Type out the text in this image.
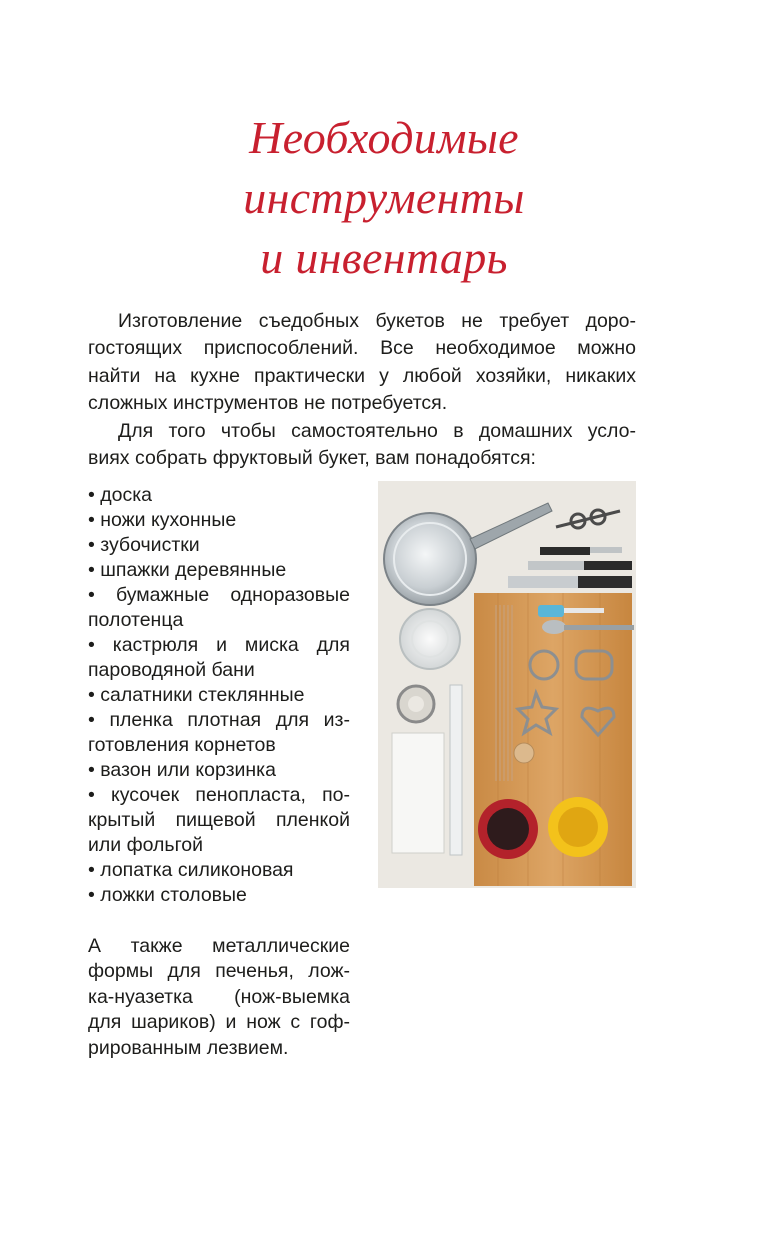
Необходимые
инструменты
и инвентарь
Изготовление съедобных букетов не требует доро-
гостоящих приспособлений. Все необходимое можно
найти на кухне практически у любой хозяйки, никаких
сложных инструментов не потребуется.
Для того чтобы самостоятельно в домашних усло-
виях собрать фруктовый букет, вам понадобятся:
• доска
• ножи кухонные
• зубочистки
• шпажки деревянные
• бумажные одноразовые
полотенца
• кастрюля и миска для
пароводяной бани
• салатники стеклянные
• пленка плотная для из-
готовления корнетов
• вазон или корзинка
• кусочек пенопласта, по-
крытый пищевой пленкой
или фольгой
• лопатка силиконовая
• ложки столовые
А также металлические
формы для печенья, лож-
ка-нуазетка (нож-выемка
для шариков) и нож с гоф-
рированным лезвием.
